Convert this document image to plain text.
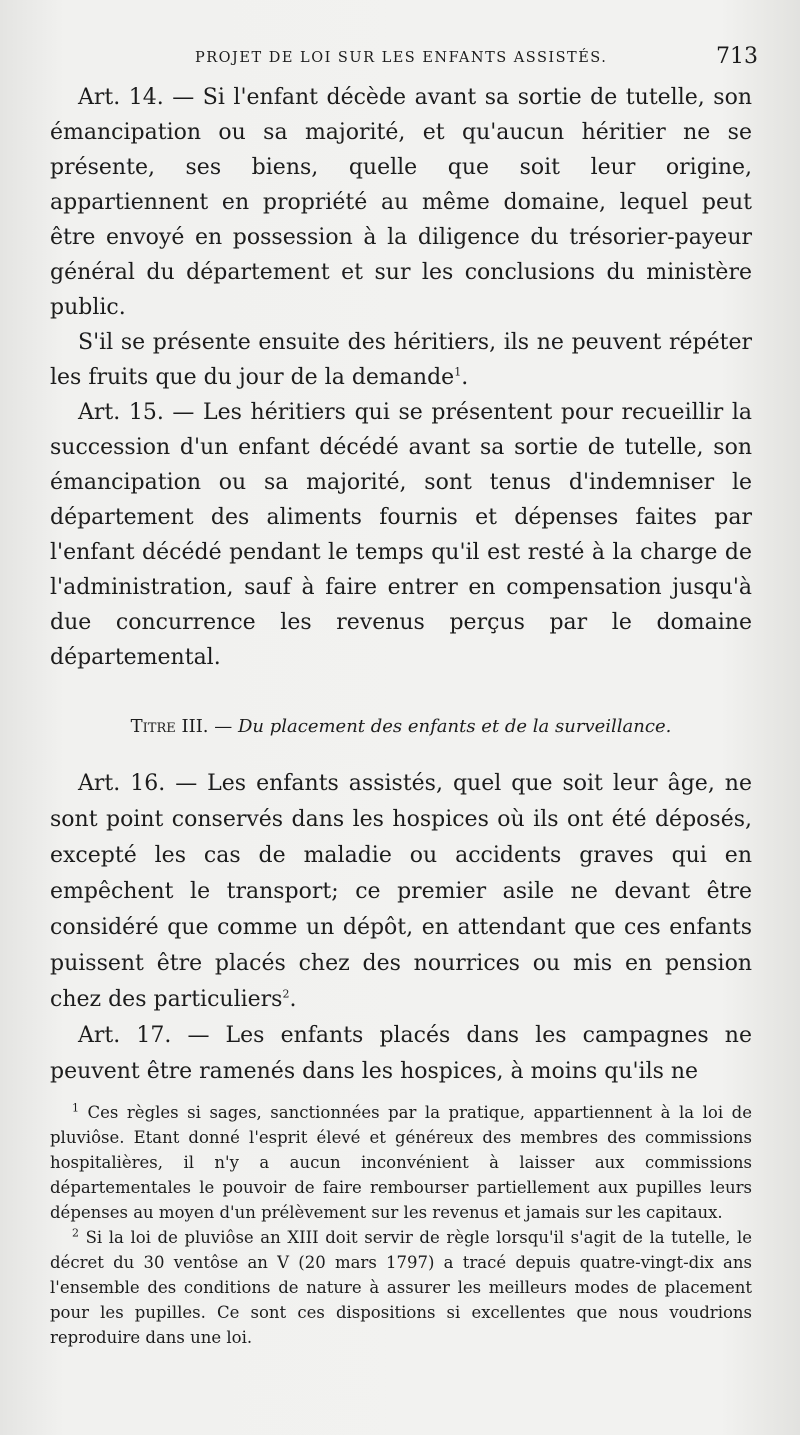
PROJET DE LOI SUR LES ENFANTS ASSISTÉS.	713

Art. 14. — Si l'enfant décède avant sa sortie de tutelle, son émancipation ou sa majorité, et qu'aucun héritier ne se présente, ses biens, quelle que soit leur origine, appartiennent en propriété au même domaine, lequel peut être envoyé en possession à la diligence du trésorier-payeur général du département et sur les conclusions du ministère public.

S'il se présente ensuite des héritiers, ils ne peuvent répéter les fruits que du jour de la demande$^1$.

Art. 15. — Les héritiers qui se présentent pour recueillir la succession d'un enfant décédé avant sa sortie de tutelle, son émancipation ou sa majorité, sont tenus d'indemniser le département des aliments fournis et dépenses faites par l'enfant décédé pendant le temps qu'il est resté à la charge de l'administration, sauf à faire entrer en compensation jusqu'à due concurrence les revenus perçus par le domaine départemental.

Titre III. — Du placement des enfants et de la surveillance.

Art. 16. — Les enfants assistés, quel que soit leur âge, ne sont point conservés dans les hospices où ils ont été déposés, excepté les cas de maladie ou accidents graves qui en empêchent le transport; ce premier asile ne devant être considéré que comme un dépôt, en attendant que ces enfants puissent être placés chez des nourrices ou mis en pension chez des particuliers$^2$.

Art. 17. — Les enfants placés dans les campagnes ne peuvent être ramenés dans les hospices, à moins qu'ils ne

$^1$ Ces règles si sages, sanctionnées par la pratique, appartiennent à la loi de pluviôse. Etant donné l'esprit élevé et généreux des membres des commissions hospitalières, il n'y a aucun inconvénient à laisser aux commissions départementales le pouvoir de faire rembourser partiellement aux pupilles leurs dépenses au moyen d'un prélèvement sur les revenus et jamais sur les capitaux.

$^2$ Si la loi de pluviôse an XIII doit servir de règle lorsqu'il s'agit de la tutelle, le décret du 30 ventôse an V (20 mars 1797) a tracé depuis quatre-vingt-dix ans l'ensemble des conditions de nature à assurer les meilleurs modes de placement pour les pupilles. Ce sont ces dispositions si excellentes que nous voudrions reproduire dans une loi.
